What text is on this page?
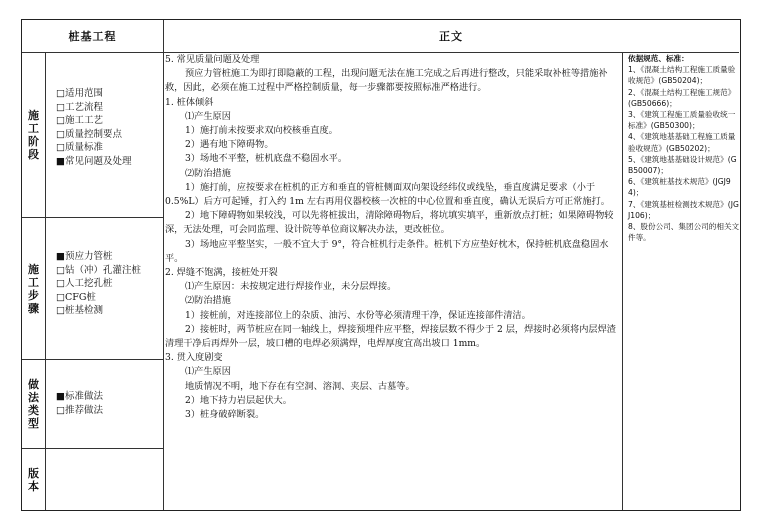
桩基工程	正文
施
工
阶
段
□适用范围
□工艺流程
□施工工艺
□质量控制要点
□质量标准
■常见问题及处理
施
工
步
骤
■预应力管桩
□钻（冲）孔灌注桩
□人工挖孔桩
□CFG桩
□桩基检测
做
法
类
型
■标准做法
□推荐做法
版
本

5. 常见质量问题及处理

预应力管桩施工为即打即隐蔽的工程，出现问题无法在施工完成之后再进行整改，只能采取补桩等措施补救，因此，必须在施工过程中严格控制质量，每一步骤都要按照标准严格进行。

1. 桩体倾斜

⑴产生原因

1）施打前未按要求双向校核垂直度。

2）遇有地下障碍物。

3）场地不平整，桩机底盘不稳固水平。

⑵防治措施

1）施打前，应按要求在桩机的正方和垂直的管桩侧面双向架设经纬仪或线坠，垂直度满足要求（小于 0.5%L）后方可起锤，打入约 1m 左右再用仪器校核一次桩的中心位置和垂直度，确认无误后方可正常施打。

2）地下障碍物如果较浅，可以先将桩拔出，清除障碍物后，将坑填实填平，重新放点打桩；如果障碍物较深，无法处理，可会同监理、设计院等单位商议解决办法，更改桩位。

3）场地应平整坚实，一般不宜大于 9°，符合桩机行走条件。桩机下方应垫好枕木，保持桩机底盘稳固水平。

2. 焊缝不饱满，接桩处开裂

⑴产生原因：未按规定进行焊接作业，未分层焊接。

⑵防治措施

1）接桩前，对连接部位上的杂质、油污、水份等必须清理干净，保证连接部件清洁。

2）接桩时，两节桩应在同一轴线上，焊接预埋件应平整，焊接层数不得少于 2 层，焊接时必须将内层焊渣清理干净后再焊外一层，坡口槽的电焊必须满焊，电焊厚度宜高出坡口 1mm。

3. 贯入度剧变

⑴产生原因

地质情况不明，地下存在有空洞、溶洞、夹层、古墓等。

2）地下持力岩层起伏大。

3）桩身破碎断裂。

依据规范、标准：
1、《混凝土结构工程施工质量验收规范》(GB50204)；
2、《混凝土结构工程施工规范》(GB50666)；
3、《建筑工程施工质量验收统一标准》(GB50300)；
4、《建筑地基基础工程施工质量验收规范》(GB50202)；
5、《建筑地基基础设计规范》(GB50007)；
6、《建筑桩基技术规范》(JGJ94)；
7、《建筑基桩检测技术规范》(JGJ106)；
8、股份公司、集团公司的相关文件等。
